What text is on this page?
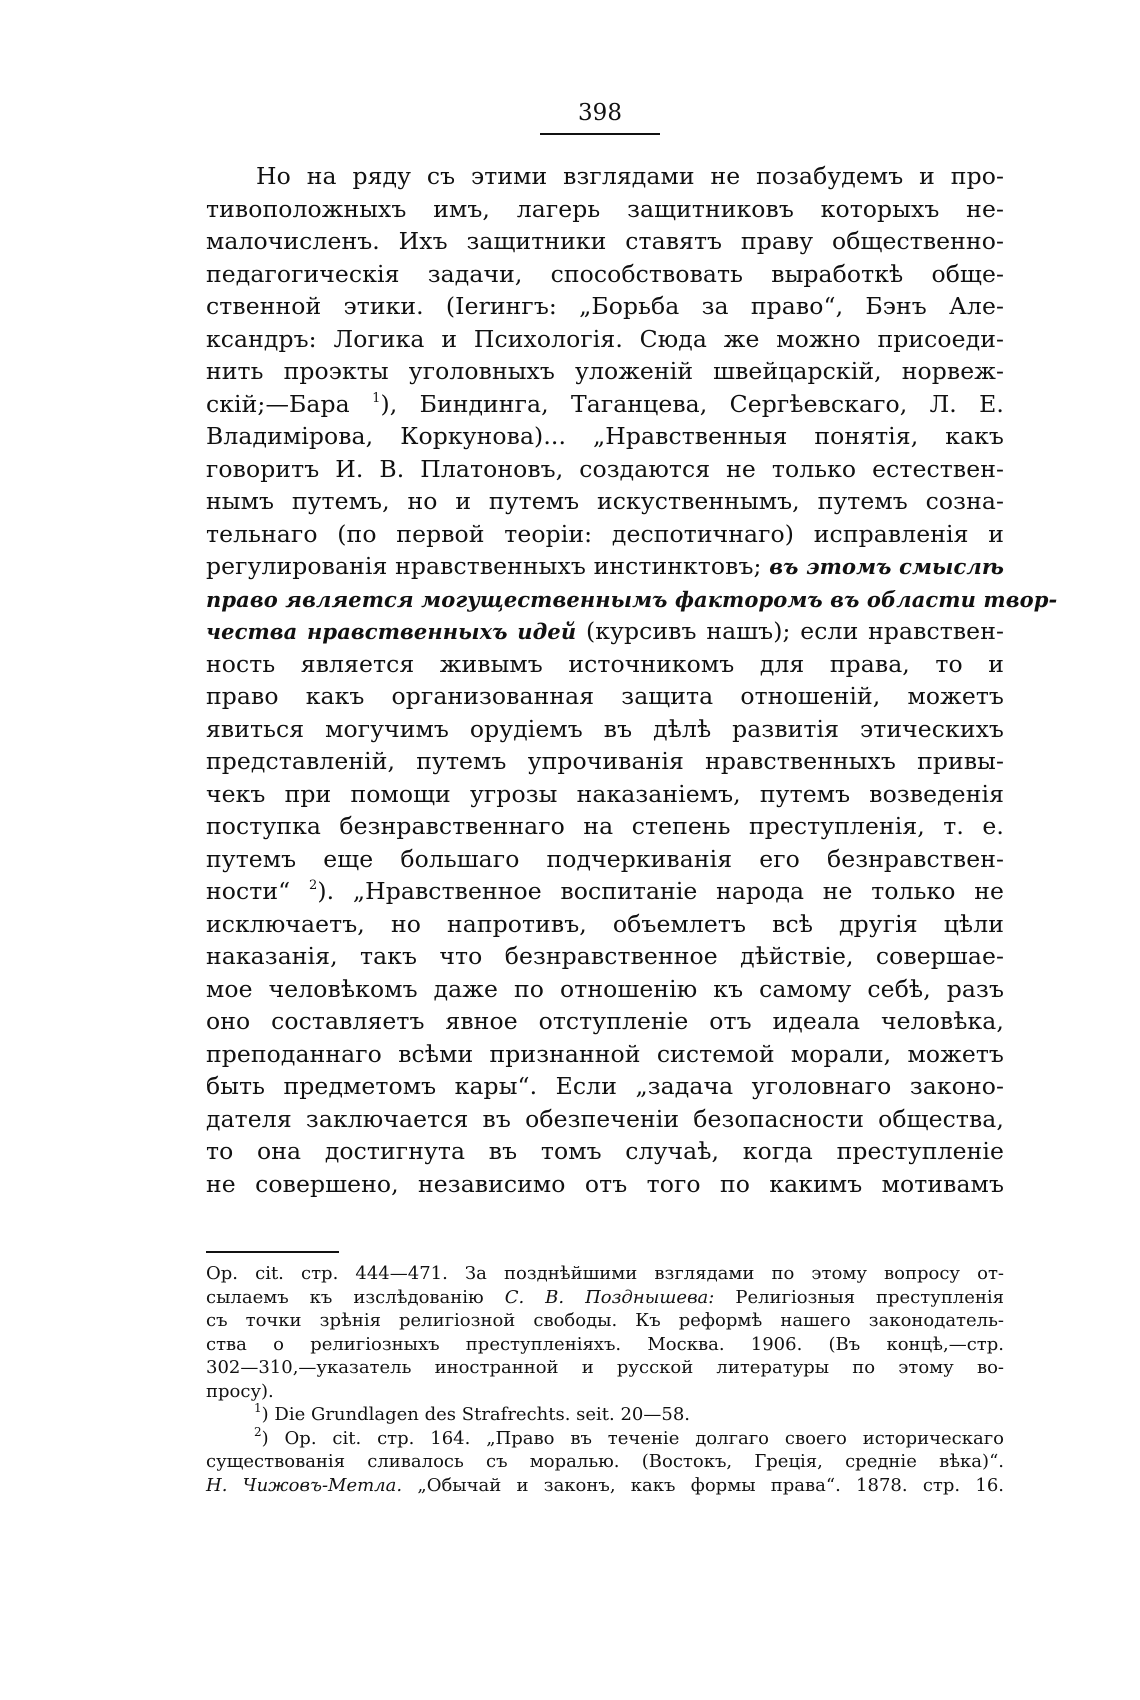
398
Но на ряду съ этими взглядами не позабудемъ и про-
тивоположныхъ имъ, лагерь защитниковъ которыхъ не-
малочисленъ. Ихъ защитники ставятъ праву общественно-
педагогическія задачи, способствовать выработкѣ обще-
ственной этики. (Ierингъ: „Борьба за право“, Бэнъ Але-
ксандръ: Логика и Психологія. Сюда же можно присоеди-
нить проэкты уголовныхъ уложеній швейцарскій, норвеж-
скій;—Бара $^1$), Биндинга, Таганцева, Сергѣевскаго, Л. Е.
Владимірова, Коркунова)... „Нравственныя понятія, какъ
говоритъ И. В. Платоновъ, создаются не только естествен-
нымъ путемъ, но и путемъ искуственнымъ, путемъ созна-
тельнаго (по первой теоріи: деспотичнаго) исправленія и
регулированія нравственныхъ инстинктовъ; въ этомъ смыслѣ
право является могущественнымъ факторомъ въ области твор-
чества нравственныхъ идей (курсивъ нашъ); если нравствен-
ность является живымъ источникомъ для права, то и
право какъ организованная защита отношеній, можетъ
явиться могучимъ орудіемъ въ дѣлѣ развитія этическихъ
представленій, путемъ упрочиванія нравственныхъ привы-
чекъ при помощи угрозы наказаніемъ, путемъ возведенія
поступка безнравственнаго на степень преступленія, т. е.
путемъ еще большаго подчеркиванія его безнравствен-
ности“ $^2$). „Нравственное воспитаніе народа не только не
исключаетъ, но напротивъ, объемлетъ всѣ другія цѣли
наказанія, такъ что безнравственное дѣйствіе, совершае-
мое человѣкомъ даже по отношенію къ самому себѣ, разъ
оно составляетъ явное отступленіе отъ идеала человѣка,
преподаннаго всѣми признанной системой морали, можетъ
быть предметомъ кары“. Если „задача уголовнаго законо-
дателя заключается въ обезпеченіи безопасности общества,
то она достигнута въ томъ случаѣ, когда преступленіе
не совершено, независимо отъ того по какимъ мотивамъ
Op. cit. стр. 444—471. За позднѣйшими взглядами по этому вопросу от-
сылаемъ къ изслѣдованію С. В. Позднышева: Религіозныя преступленія
съ точки зрѣнія религіозной свободы. Къ реформѣ нашего законодатель-
ства о религіозныхъ преступленіяхъ. Москва. 1906. (Въ концѣ,—стр.
302—310,—указатель иностранной и русской литературы по этому во-
просу).
$^1$) Die Grundlagen des Strafrechts. seit. 20—58.
$^2$) Op. cit. стр. 164. „Право въ теченіе долгаго своего историческаго
существованія сливалось съ моралью. (Востокъ, Греція, средніе вѣка)“.
Н. Чижовъ-Метла. „Обычай и законъ, какъ формы права“. 1878. стр. 16.
